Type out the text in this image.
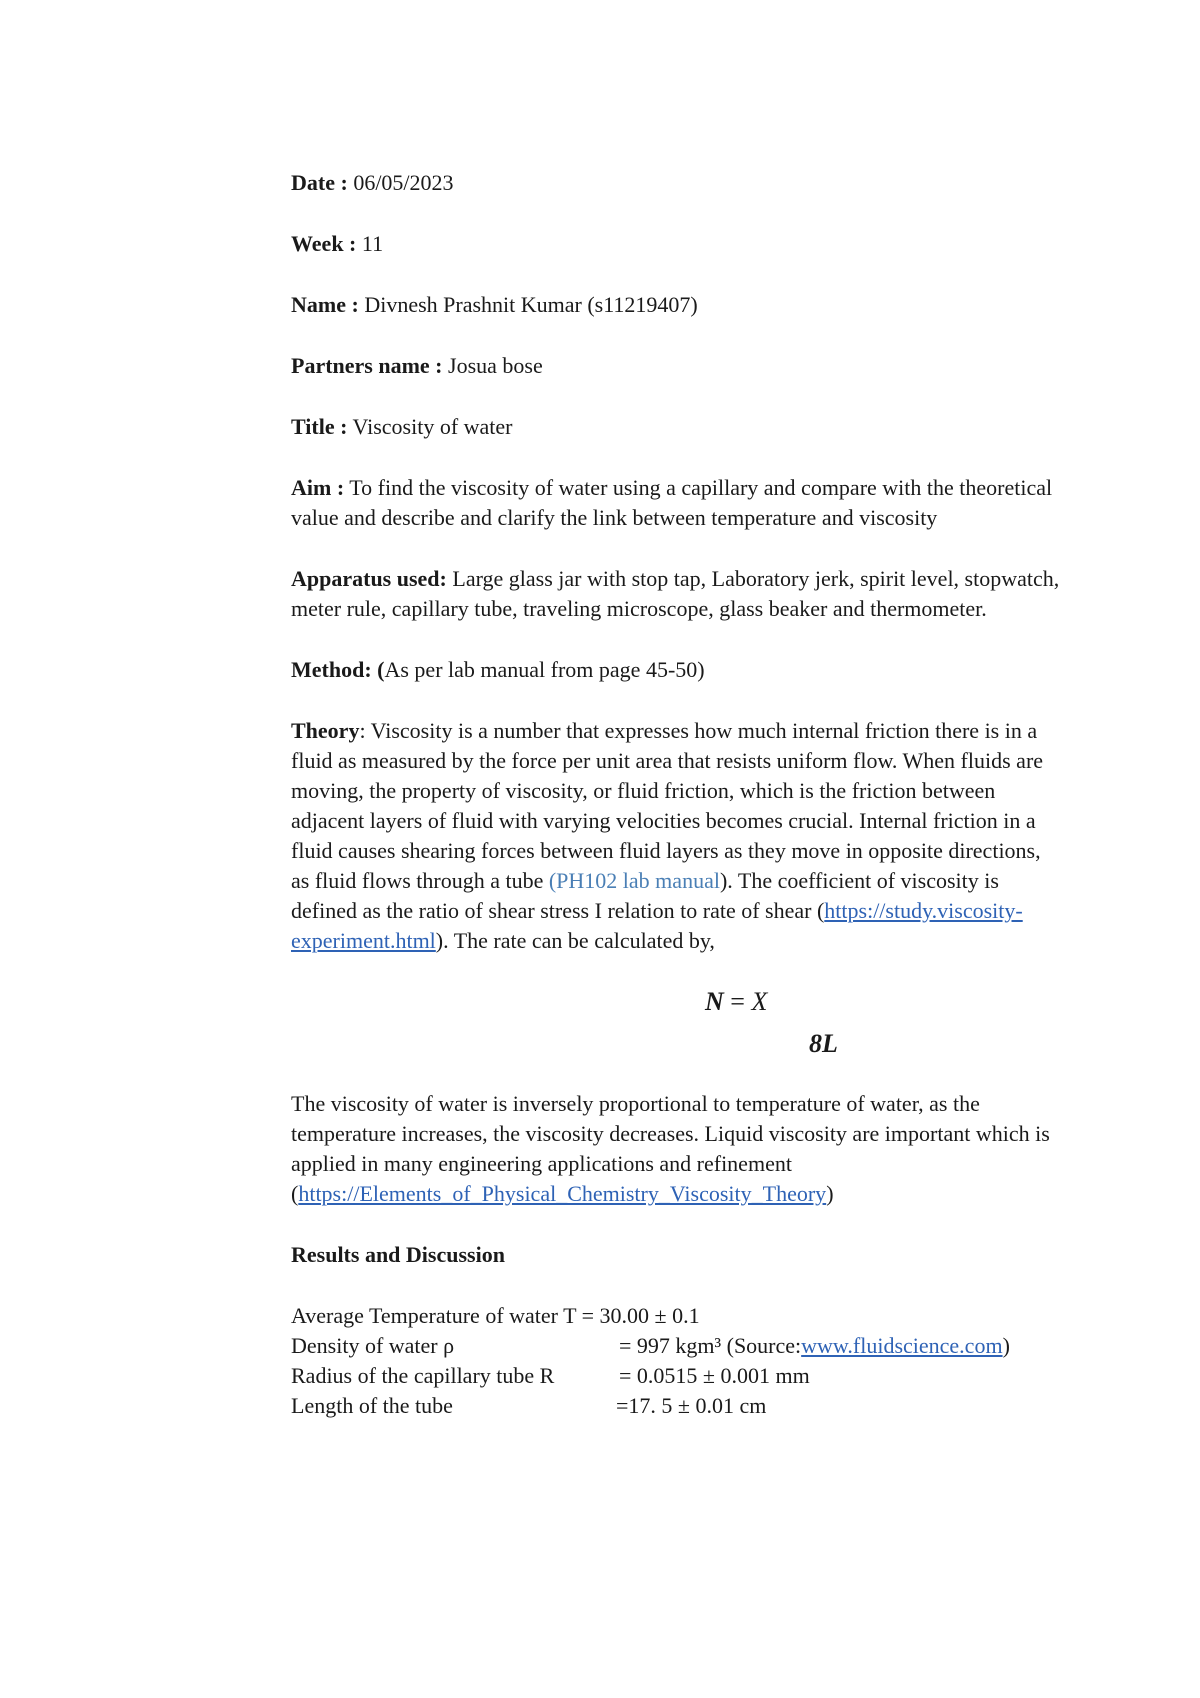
Date : 06/05/2023

Week : 11

Name : Divnesh Prashnit Kumar (s11219407)

Partners name : Josua bose

Title : Viscosity of water

Aim : To find the viscosity of water using a capillary and compare with the theoretical value and describe and clarify the link between temperature and viscosity

Apparatus used: Large glass jar with stop tap, Laboratory jerk, spirit level, stopwatch, meter rule, capillary tube, traveling microscope, glass beaker and thermometer.

Method: (As per lab manual from page 45-50)

Theory: Viscosity is a number that expresses how much internal friction there is in a fluid as measured by the force per unit area that resists uniform flow. When fluids are moving, the property of viscosity, or fluid friction, which is the friction between adjacent layers of fluid with varying velocities becomes crucial. Internal friction in a fluid causes shearing forces between fluid layers as they move in opposite directions, as fluid flows through a tube (PH102 lab manual). The coefficient of viscosity is defined as the ratio of shear stress I relation to rate of shear (https://study.viscosity-experiment.html). The rate can be calculated by,

N = X
8L

The viscosity of water is inversely proportional to temperature of water, as the temperature increases, the viscosity decreases. Liquid viscosity are important which is applied in many engineering applications and refinement (https://Elements_of_Physical_Chemistry_Viscosity_Theory)

Results and Discussion

Average Temperature of water T = 30.00 ± 0.1
Density of water ρ	= 997 kgm³ (Source:www.fluidscience.com)
Radius of the capillary tube R	= 0.0515 ± 0.001 mm
Length of the tube	=17. 5 ± 0.01 cm
